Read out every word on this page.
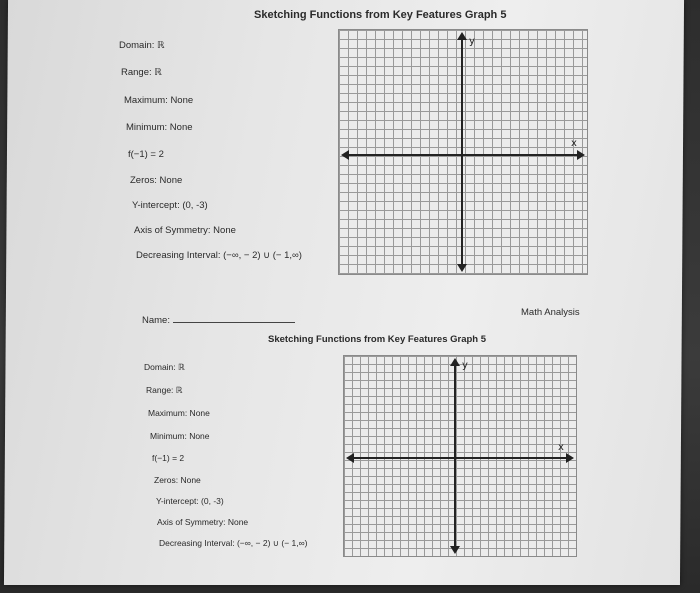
Sketching Functions from Key Features Graph 5
Domain: ℝ
Range: ℝ
Maximum: None
Minimum: None
f(−1) = 2
Zeros: None
Y-intercept: (0, -3)
Axis of Symmetry: None
Decreasing Interval: (−∞, − 2) ∪ (− 1,∞)
y
x
Name:
Math Analysis
Sketching Functions from Key Features Graph 5
Domain: ℝ
Range: ℝ
Maximum: None
Minimum: None
f(−1) = 2
Zeros: None
Y-intercept: (0, -3)
Axis of Symmetry: None
Decreasing Interval: (−∞, − 2) ∪ (− 1,∞)
y
x
